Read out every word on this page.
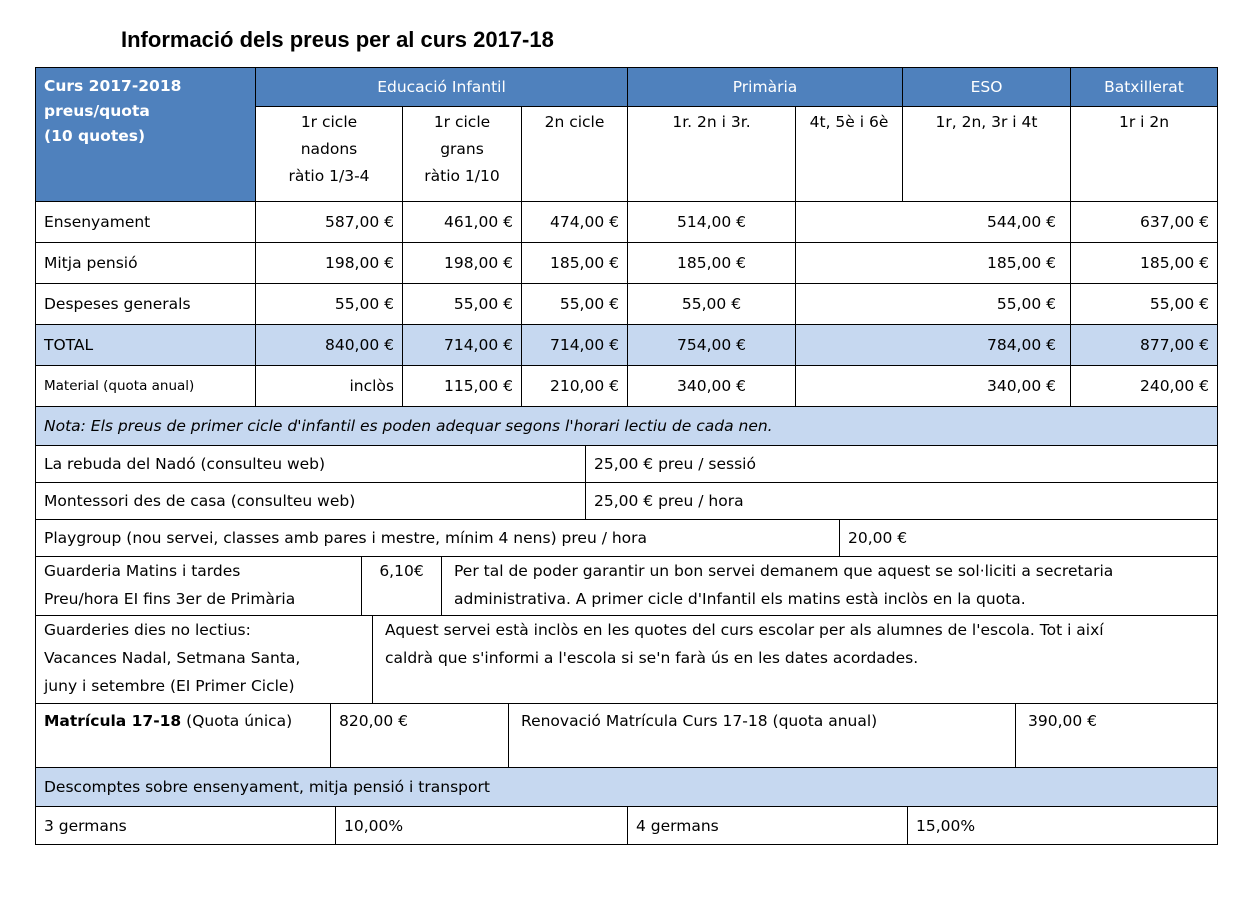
Informació dels preus per al curs 2017-18
Curs 2017-2018
preus/quota
(10 quotes)	Educació Infantil			Primària		ESO	Batxillerat
	1r cicle
nadons
ràtio 1/3-4	1r cicle
grans
ràtio 1/10	2n cicle	1r. 2n i 3r.	4t, 5è i 6è	1r, 2n, 3r i 4t	1r i 2n
Ensenyament	587,00 €	461,00 €	474,00 €	514,00 €	544,00 €		637,00 €
Mitja pensió	198,00 €	198,00 €	185,00 €	185,00 €	185,00 €		185,00 €
Despeses generals	55,00 €	55,00 €	55,00 €	55,00 €	55,00 €		55,00 €
TOTAL	840,00 €	714,00 €	714,00 €	754,00 €	784,00 €		877,00 €
Material (quota anual)	inclòs	115,00 €	210,00 €	340,00 €	340,00 €		240,00 €
Nota: Els preus de primer cicle d'infantil es poden adequar segons l'horari lectiu de cada nen.							
La rebuda del Nadó (consulteu web)	25,00 € preu / sessió
Montessori des de casa (consulteu web)	25,00 € preu / hora
Playgroup (nou servei, classes amb pares i mestre, mínim 4 nens) preu / hora	20,00 €
Guarderia Matins i tardes
Preu/hora EI fins 3er de Primària	6,10€	Per tal de poder garantir un bon servei demanem que aquest se sol·liciti a secretaria
administrativa. A primer cicle d'Infantil els matins està inclòs en la quota.
Guarderies dies no lectius:
Vacances Nadal, Setmana Santa,
juny i setembre (EI Primer Cicle)	Aquest servei està inclòs en les quotes del curs escolar per als alumnes de l'escola. Tot i així
caldrà que s'informi a l'escola si se'n farà ús en les dates acordades.
Matrícula 17-18 (Quota única)	820,00 €	Renovació Matrícula Curs 17-18 (quota anual)	390,00 €
Descomptes sobre ensenyament, mitja pensió i transport
3 germans	10,00%	4 germans	15,00%
